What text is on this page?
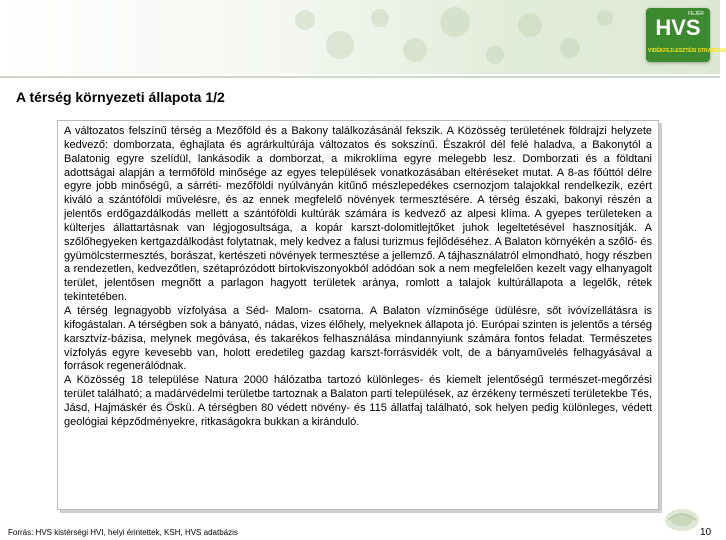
FEJÉR
HVS
VIDÉKFEJLESZTÉSI STRATÉGIA
A térség környezeti állapota 1/2

A változatos felszínű térség a Mezőföld és a Bakony találkozásánál fekszik. A Közösség területének földrajzi helyzete kedvező: domborzata, éghajlata és agrárkultúrája változatos és sokszínű. Északról dél felé haladva, a Bakonytól a Balatonig egyre szelídül, lankásodik a domborzat, a mikroklíma egyre melegebb lesz. Domborzati és a földtani adottságai alapján a termőföld minősége az egyes települések vonatkozásában eltéréseket mutat. A 8-as főúttól délre egyre jobb minőségű, a sárréti- mezőföldi nyúlványán kitűnő mészlepedékes csernozjom talajokkal rendelkezik, ezért kiváló a szántóföldi művelésre, és az ennek megfelelő növények termesztésére. A térség északi, bakonyi részén a jelentős erdőgazdálkodás mellett a szántóföldi kultúrák számára is kedvező az alpesi klíma. A gyepes területeken a külterjes állattartásnak van légjogosultsága, a kopár karszt-dolomitlejtőket juhok legeltetésével hasznosítják. A szőlőhegyeken kertgazdálkodást folytatnak, mely kedvez a falusi turizmus fejlődéséhez. A Balaton környékén a szőlő- és gyümölcstermesztés, borászat, kertészeti növények termesztése a jellemző. A tájhasználatról elmondható, hogy részben a rendezetlen, kedvezőtlen, szétaprózódott birtokviszonyokból adódóan sok a nem megfelelően kezelt vagy elhanyagolt terület, jelentősen megnőtt a parlagon hagyott területek aránya, romlott a talajok kultúrállapota a legelők, rétek tekintetében.

A térség legnagyobb vízfolyása a Séd- Malom- csatorna. A Balaton vízminősége üdülésre, sőt ivóvízellátásra is kifogástalan. A térségben sok a bányató, nádas, vizes élőhely, melyeknek állapota jó. Európai szinten is jelentős a térség karsztvíz-bázisa, melynek megóvása, és takarékos felhasználása mindannyiunk számára fontos feladat. Természetes vízfolyás egyre kevesebb van, holott eredetileg gazdag karszt-forrásvidék volt, de a bányaművelés felhagyásával a források regenerálódnak.

A Közösség 18 települése Natura 2000 hálózatba tartozó különleges- és kiemelt jelentőségű természet-megőrzési terület található; a madárvédelmi területbe tartoznak a Balaton parti települések, az érzékeny természeti területekbe Tés, Jásd, Hajmáskér és Öskü. A térségben 80 védett növény- és 115 állatfaj található, sok helyen pedig különleges, védett geológiai képződményekre, ritkaságokra bukkan a kiránduló.

Forrás: HVS kistérségi HVI, helyi érintettek, KSH, HVS adatbázis	10
